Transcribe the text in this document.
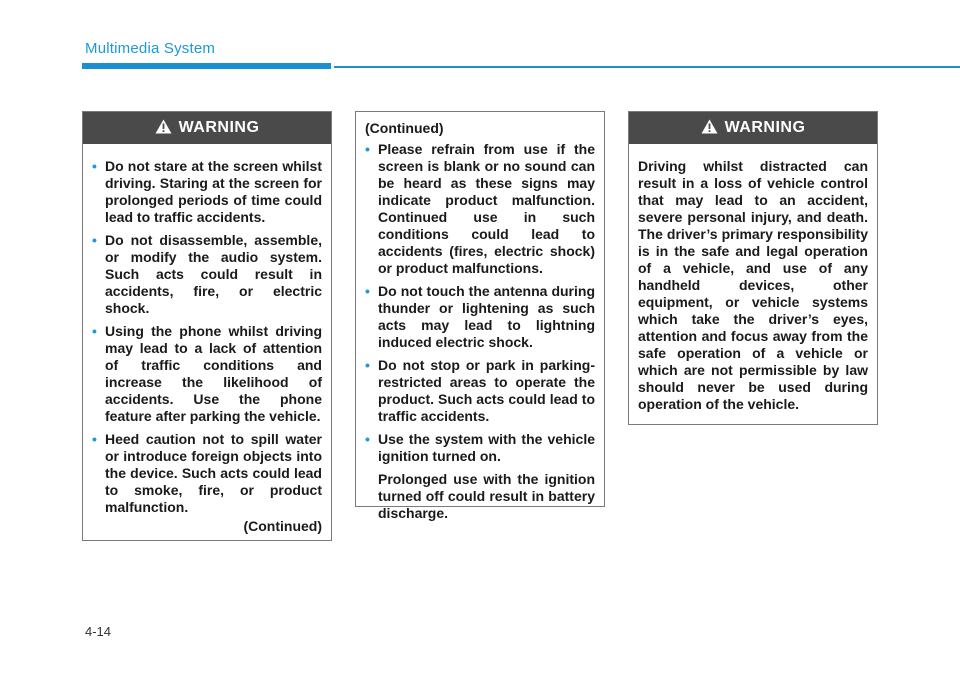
Multimedia System
WARNING
• Do not stare at the screen whilst driving. Staring at the screen for prolonged periods of time could lead to traffic accidents.
• Do not disassemble, assemble, or modify the audio system. Such acts could result in accidents, fire, or electric shock.
• Using the phone whilst driving may lead to a lack of attention of traffic conditions and increase the likelihood of accidents. Use the phone feature after parking the vehicle.
• Heed caution not to spill water or introduce foreign objects into the device. Such acts could lead to smoke, fire, or product malfunction.
(Continued)
(Continued)
• Please refrain from use if the screen is blank or no sound can be heard as these signs may indicate product malfunction. Continued use in such conditions could lead to accidents (fires, electric shock) or product malfunctions.
• Do not touch the antenna during thunder or lightening as such acts may lead to lightning induced electric shock.
• Do not stop or park in parking-restricted areas to operate the product. Such acts could lead to traffic accidents.
• Use the system with the vehicle ignition turned on.
Prolonged use with the ignition turned off could result in battery discharge.
WARNING
Driving whilst distracted can result in a loss of vehicle control that may lead to an accident, severe personal injury, and death. The driver’s primary responsibility is in the safe and legal operation of a vehicle, and use of any handheld devices, other equipment, or vehicle systems which take the driver’s eyes, attention and focus away from the safe operation of a vehicle or which are not permissible by law should never be used during operation of the vehicle.
4-14
